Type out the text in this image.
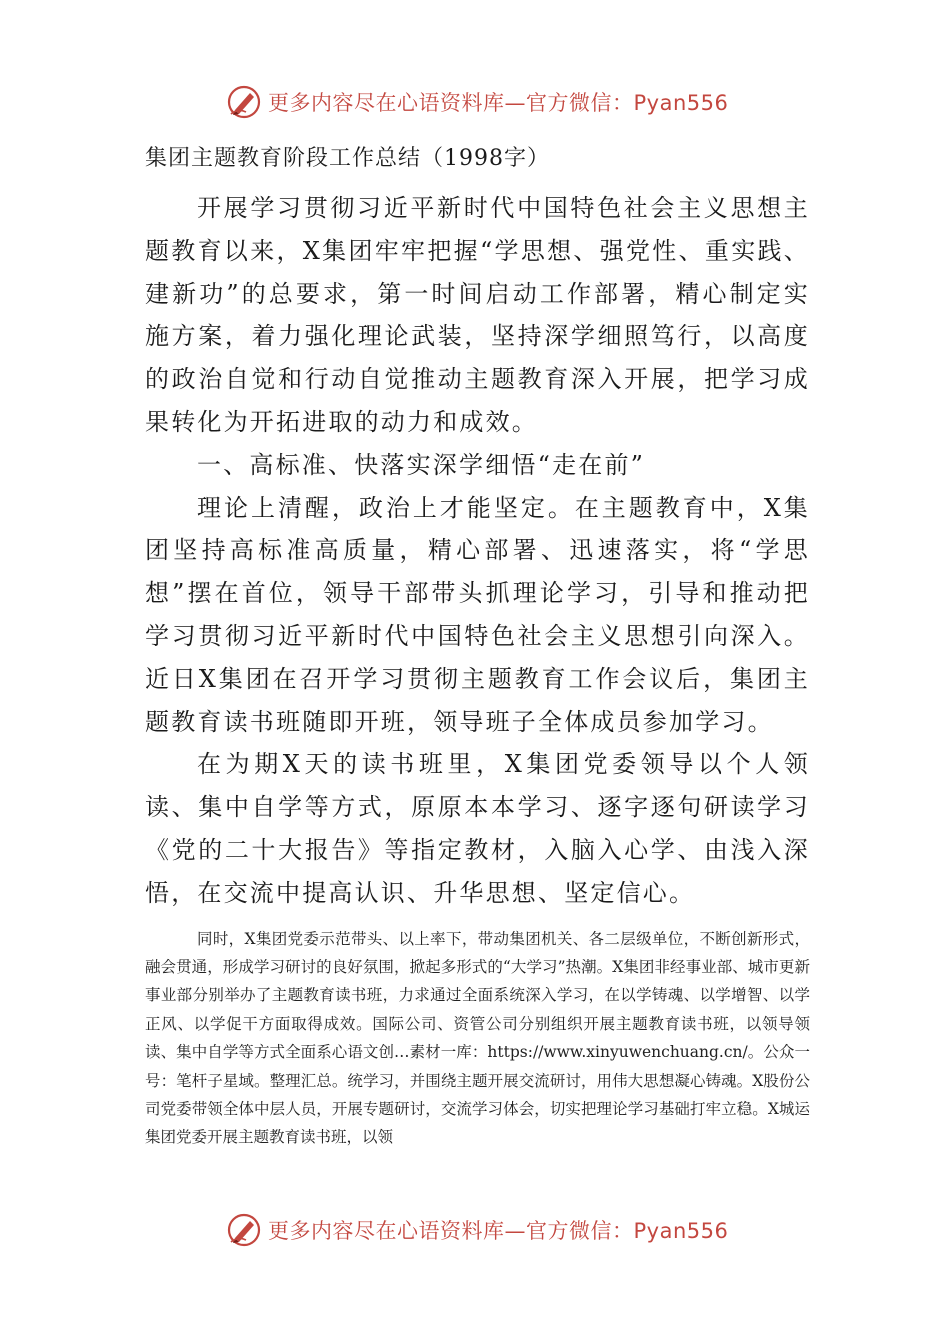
更多内容尽在心语资料库—官方微信：Pyan556

集团主题教育阶段工作总结（1998字）

开展学习贯彻习近平新时代中国特色社会主义思想主题教育以来，X集团牢牢把握“学思想、强党性、重实践、建新功”的总要求，第一时间启动工作部署，精心制定实施方案，着力强化理论武装，坚持深学细照笃行，以高度的政治自觉和行动自觉推动主题教育深入开展，把学习成果转化为开拓进取的动力和成效。

一、高标准、快落实深学细悟“走在前”

理论上清醒，政治上才能坚定。在主题教育中，X集团坚持高标准高质量，精心部署、迅速落实，将“学思想”摆在首位，领导干部带头抓理论学习，引导和推动把学习贯彻习近平新时代中国特色社会主义思想引向深入。近日X集团在召开学习贯彻主题教育工作会议后，集团主题教育读书班随即开班，领导班子全体成员参加学习。

在为期X天的读书班里，X集团党委领导以个人领读、集中自学等方式，原原本本学习、逐字逐句研读学习《党的二十大报告》等指定教材，入脑入心学、由浅入深悟，在交流中提高认识、升华思想、坚定信心。

同时，X集团党委示范带头、以上率下，带动集团机关、各二层级单位，不断创新形式，融会贯通，形成学习研讨的良好氛围，掀起多形式的“大学习”热潮。X集团非经事业部、城市更新事业部分别举办了主题教育读书班，力求通过全面系统深入学习，在以学铸魂、以学增智、以学正风、以学促干方面取得成效。国际公司、资管公司分别组织开展主题教育读书班，以领导领读、集中自学等方式全面系心语文创…素材一库：https://www.xinyuwenchuang.cn/。公众一号：笔杆子星域。整理汇总。统学习，并围绕主题开展交流研讨，用伟大思想凝心铸魂。X股份公司党委带领全体中层人员，开展专题研讨，交流学习体会，切实把理论学习基础打牢立稳。X城运集团党委开展主题教育读书班，以领

更多内容尽在心语资料库—官方微信：Pyan556
